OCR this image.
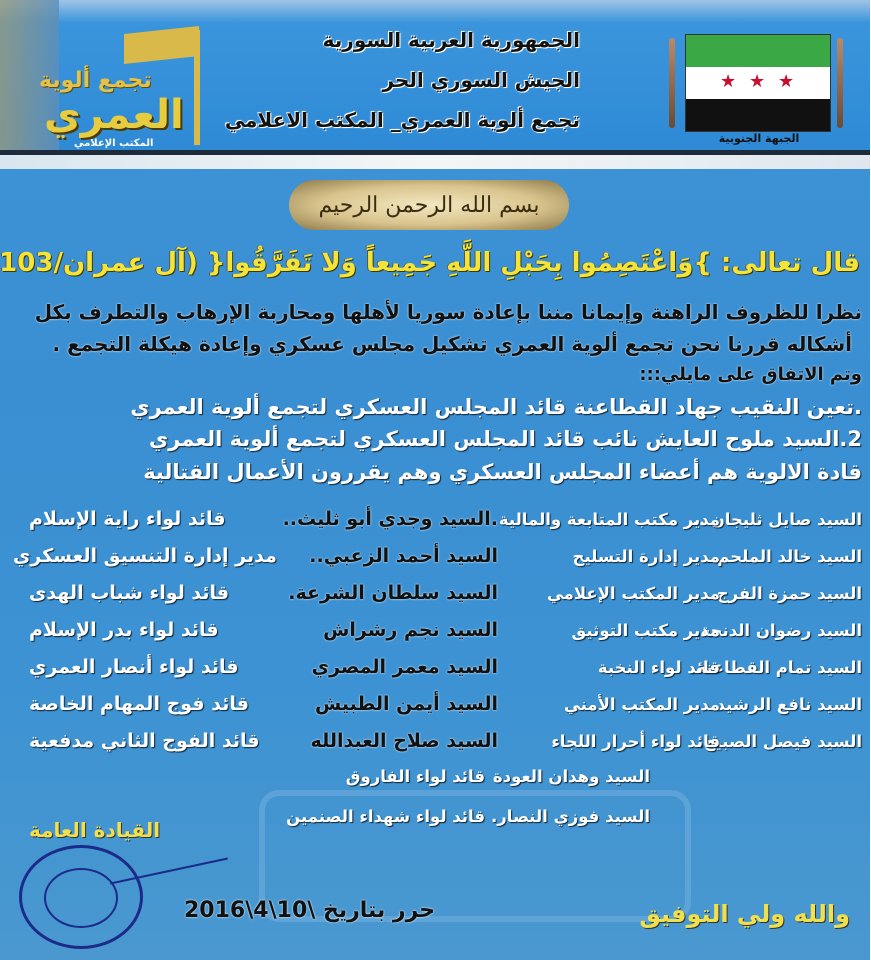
الجمهورية العربية السورية
الجيش السوري الحر
تجمع ألوية العمري_ المكتب الاعلامي
★ ★ ★
الجبهة الجنوبية
تجمع ألوية
العمري
المكتب الإعلامي
بسم الله الرحمن الرحيم
قال تعالى: }وَاعْتَصِمُوا بِحَبْلِ اللَّهِ جَمِيعاً وَلا تَفَرَّقُوا{ (آل عمران/103
نظرا للظروف الراهنة وإيمانا مننا بإعادة سوريا لأهلها ومحاربة الإرهاب والتطرف بكل
أشكاله قررنا نحن تجمع ألوية العمري تشكيل مجلس عسكري وإعادة هيكلة التجمع .
وتم الاتفاق على مايلي:::
.تعين النقيب جهاد القطاعنة قائد المجلس العسكري لتجمع ألوية العمري
2.السيد ملوح العايش نائب قائد المجلس العسكري لتجمع ألوية العمري
قادة الالوية هم أعضاء المجلس العسكري وهم يقررون الأعمال القتالية
السيد صايل ثليجان ..
مدير مكتب المتابعة والمالية
السيد خالد الملحم..
مدير إدارة التسليح
السيد حمزة الفرج..
مدير المكتب الإعلامي
السيد رضوان الدنحة.
مدير مكتب التوثيق
السيد تمام القطاعنة.
قائد لواء النخبة
السيد نافع الرشيد.
مدير المكتب الأمني
السيد فيصل الصبيح.
قائد لواء أحرار اللجاء
.السيد وجدي أبو ثليث..
قائد لواء راية الإسلام
السيد أحمد الزعبي..
مدير إدارة التنسيق العسكري
السيد سلطان الشرعة.
قائد لواء شباب الهدى
السيد نجم رشراش
قائد لواء بدر الإسلام
السيد معمر المصري
قائد لواء أنصار العمري
السيد أيمن الطبيش
قائد فوج المهام الخاصة
السيد صلاح العبدالله
قائد الفوج الثاني مدفعية
السيد وهدان العودة
قائد لواء الفاروق
السيد فوزي النصار.
قائد لواء شهداء الصنمين
القيادة العامة
حرر بتاريخ \10\4\2016	والله ولي التوفيق
